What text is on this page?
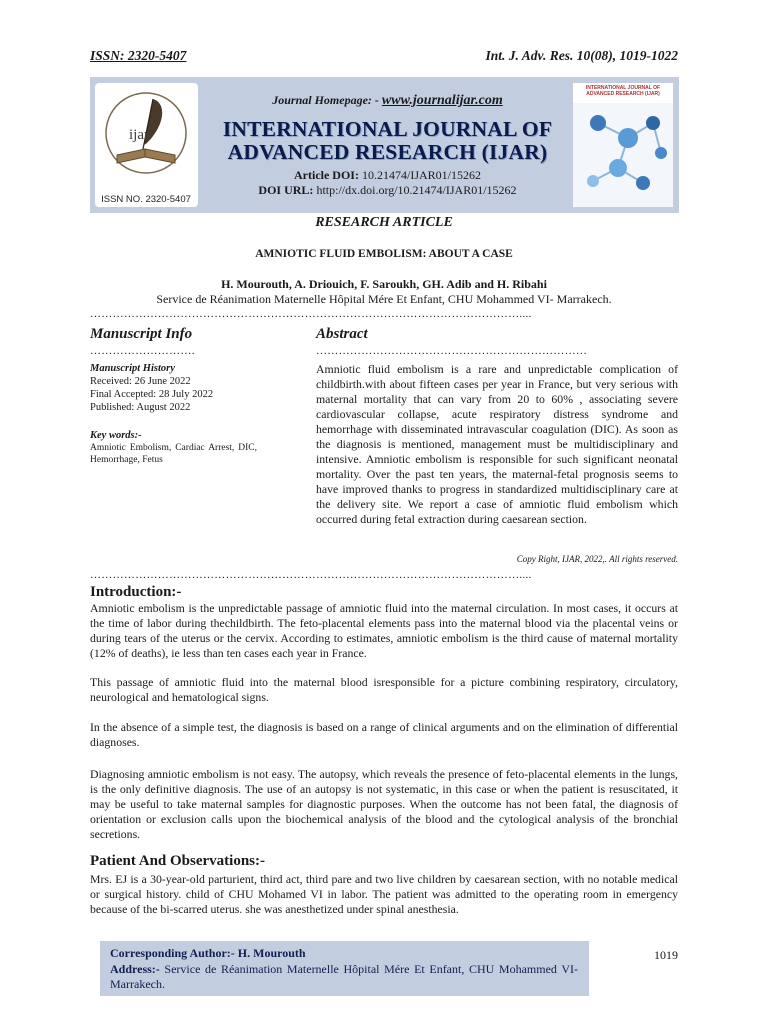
ISSN: 2320-5407	Int. J. Adv. Res. 10(08), 1019-1022
ijar
ISSN NO. 2320-5407
Journal Homepage: - www.journalijar.com
INTERNATIONAL JOURNAL OF
ADVANCED RESEARCH (IJAR)
Article DOI: 10.21474/IJAR01/15262
DOI URL: http://dx.doi.org/10.21474/IJAR01/15262
INTERNATIONAL JOURNAL OF ADVANCED RESEARCH (IJAR)
RESEARCH ARTICLE
AMNIOTIC FLUID EMBOLISM: ABOUT A CASE
H. Mourouth, A. Driouich, F. Saroukh, GH. Adib and H. Ribahi
Service de Réanimation Maternelle Hôpital Mére Et Enfant, CHU Mohammed VI- Marrakech.
……………………………………………………………………………………………………....
Manuscript Info	Abstract
……………………….	………………………………………………………………
Manuscript History
Received: 26 June 2022
Final Accepted: 28 July 2022
Published: August 2022
Key words:-
Amniotic Embolism, Cardiac Arrest, DIC, Hemorrhage, Fetus
Amniotic fluid embolism is a rare and unpredictable complication of childbirth.with about fifteen cases per year in France, but very serious with maternal mortality that can vary from 20 to 60% , associating severe cardiovascular collapse, acute respiratory distress syndrome and hemorrhage with disseminated intravascular coagulation (DIC). As soon as the diagnosis is mentioned, management must be multidisciplinary and intensive. Amniotic embolism is responsible for such significant neonatal mortality. Over the past ten years, the maternal-fetal prognosis seems to have improved thanks to progress in standardized multidisciplinary care at the delivery site. We report a case of amniotic fluid embolism which occurred during fetal extraction during caesarean section.
Copy Right, IJAR, 2022,. All rights reserved.
……………………………………………………………………………………………………....
Introduction:-
Amniotic embolism is the unpredictable passage of amniotic fluid into the maternal circulation. In most cases, it occurs at the time of labor during thechildbirth. The feto-placental elements pass into the maternal blood via the placental veins or during tears of the uterus or the cervix. According to estimates, amniotic embolism is the third cause of maternal mortality (12% of deaths), ie less than ten cases each year in France.
This passage of amniotic fluid into the maternal blood isresponsible for a picture combining respiratory, circulatory, neurological and hematological signs.
In the absence of a simple test, the diagnosis is based on a range of clinical arguments and on the elimination of differential diagnoses.
Diagnosing amniotic embolism is not easy. The autopsy, which reveals the presence of feto-placental elements in the lungs, is the only definitive diagnosis. The use of an autopsy is not systematic, in this case or when the patient is resuscitated, it may be useful to take maternal samples for diagnostic purposes. When the outcome has not been fatal, the diagnosis of orientation or exclusion calls upon the biochemical analysis of the blood and the cytological analysis of the bronchial secretions.
Patient And Observations:-
Mrs. EJ is a 30-year-old parturient, third act, third pare and two live children by caesarean section, with no notable medical or surgical history. child of CHU Mohamed VI in labor. The patient was admitted to the operating room in emergency because of the bi-scarred uterus. she was anesthetized under spinal anesthesia.
Corresponding Author:- H. Mourouth
Address:- Service de Réanimation Maternelle Hôpital Mére Et Enfant, CHU Mohammed VI- Marrakech.
1019
